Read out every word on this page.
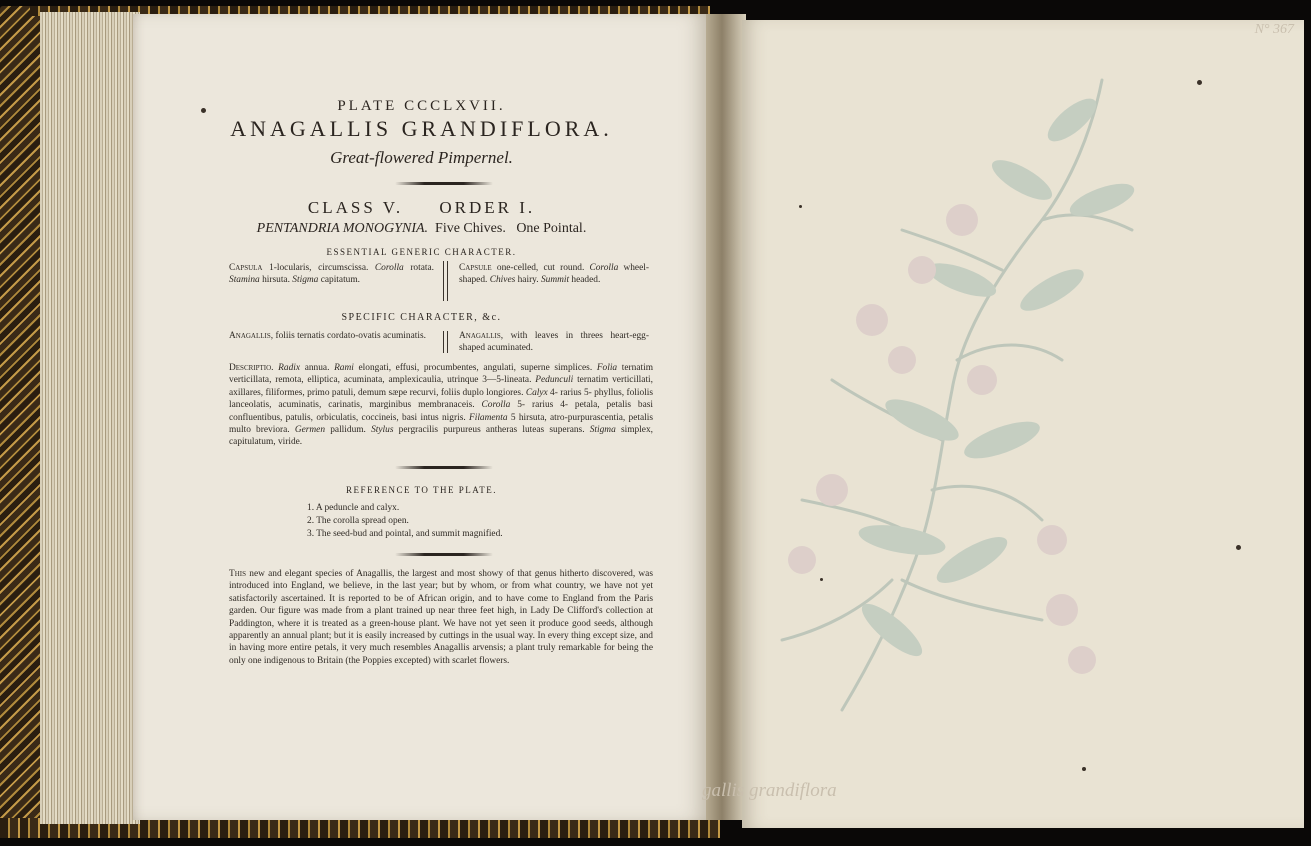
PLATE CCCLXVII.
ANAGALLIS GRANDIFLORA.
Great-flowered Pimpernel.
CLASS V.     ORDER I.
PENTANDRIA MONOGYNIA. Five Chives.   One Pointal.
ESSENTIAL GENERIC CHARACTER.
Capsula 1-locularis, circumscissa. Corolla rotata. Stamina hirsuta. Stigma capitatum.
Capsule one-celled, cut round. Corolla wheel-shaped. Chives hairy. Summit headed.
SPECIFIC CHARACTER, &c.
Anagallis, foliis ternatis cordato-ovatis acuminatis.	Anagallis, with leaves in threes heart-egg-shaped acuminated.
Descriptio. Radix annua. Rami elongati, effusi, procumbentes, angulati, superne simplices. Folia ternatim verticillata, remota, elliptica, acuminata, amplexicaulia, utrinque 3—5-lineata. Pedunculi ternatim verticillati, axillares, filiformes, primo patuli, demum sæpe recurvi, foliis duplo longiores. Calyx 4- rarius 5- phyllus, foliolis lanceolatis, acuminatis, carinatis, marginibus membranaceis. Corolla 5- rarius 4- petala, petalis basi confluentibus, patulis, orbiculatis, coccineis, basi intus nigris. Filamenta 5 hirsuta, atro-purpurascentia, petalis multo breviora. Germen pallidum. Stylus pergracilis purpureus antheras luteas superans. Stigma simplex, capitulatum, viride.
REFERENCE TO THE PLATE.
1. A peduncle and calyx.
2. The corolla spread open.
3. The seed-bud and pointal, and summit magnified.
This new and elegant species of Anagallis, the largest and most showy of that genus hitherto discovered, was introduced into England, we believe, in the last year; but by whom, or from what country, we have not yet satisfactorily ascertained. It is reported to be of African origin, and to have come to England from the Paris garden. Our figure was made from a plant trained up near three feet high, in Lady De Clifford's collection at Paddington, where it is treated as a green-house plant. We have not yet seen it produce good seeds, although apparently an annual plant; but it is easily increased by cuttings in the usual way. In every thing except size, and in having more entire petals, it very much resembles Anagallis arvensis; a plant truly remarkable for being the only one indigenous to Britain (the Poppies excepted) with scarlet flowers.
gallis grandiflora
N° 367
